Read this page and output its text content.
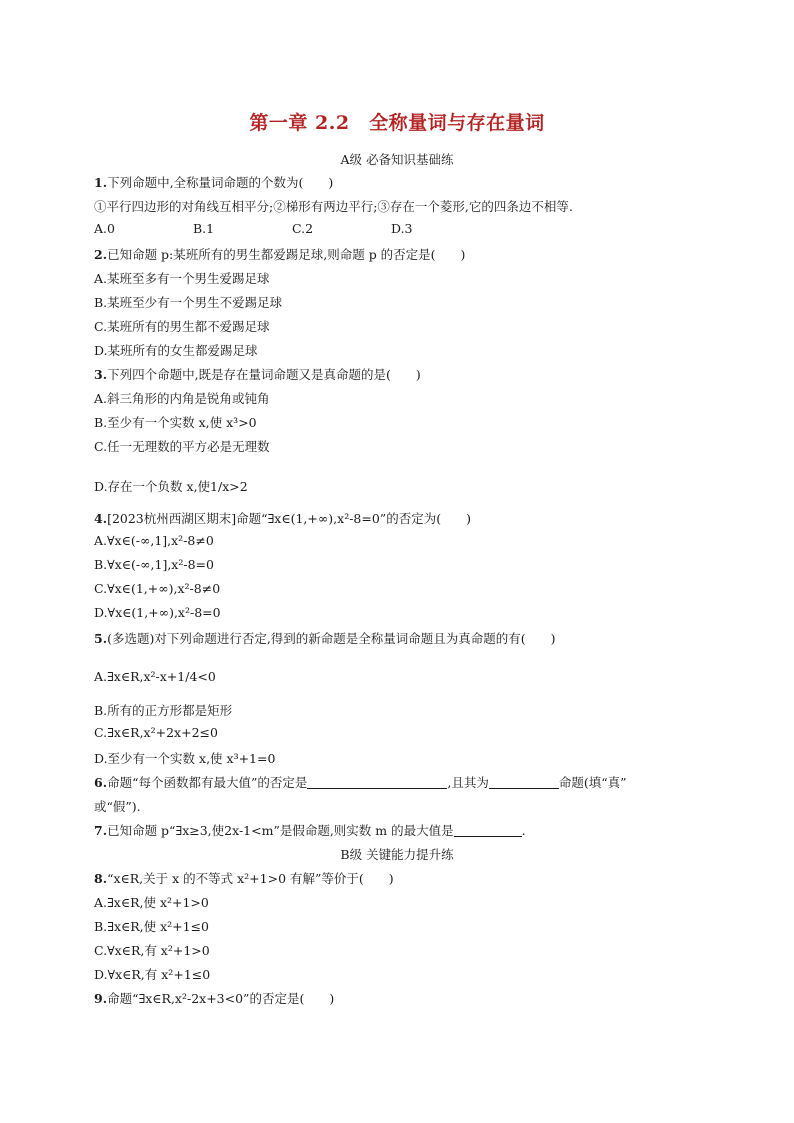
第一章 2.2　全称量词与存在量词
A级 必备知识基础练
1.下列命题中,全称量词命题的个数为(　　)
①平行四边形的对角线互相平分;②梯形有两边平行;③存在一个菱形,它的四条边不相等.
A.0	B.1	C.2	D.3
2.已知命题 p:某班所有的男生都爱踢足球,则命题 p 的否定是(　　)
A.某班至多有一个男生爱踢足球
B.某班至少有一个男生不爱踢足球
C.某班所有的男生都不爱踢足球
D.某班所有的女生都爱踢足球
3.下列四个命题中,既是存在量词命题又是真命题的是(　　)
A.斜三角形的内角是锐角或钝角
B.至少有一个实数 x,使 x³>0
C.任一无理数的平方必是无理数
D.存在一个负数 x,使1/x>2
4.[2023杭州西湖区期末]命题“∃x∈(1,+∞),x²-8=0”的否定为(　　)
A.∀x∈(-∞,1],x²-8≠0
B.∀x∈(-∞,1],x²-8=0
C.∀x∈(1,+∞),x²-8≠0
D.∀x∈(1,+∞),x²-8=0
5.(多选题)对下列命题进行否定,得到的新命题是全称量词命题且为真命题的有(　　)
A.∃x∈R,x²-x+1/4<0
B.所有的正方形都是矩形
C.∃x∈R,x²+2x+2≤0
D.至少有一个实数 x,使 x³+1=0
6.命题“每个函数都有最大值”的否定是	,且其为	命题(填“真”
或“假”).
7.已知命题 p“∃x≥3,使2x-1<m”是假命题,则实数 m 的最大值是	.
B级 关键能力提升练
8.“x∈R,关于 x 的不等式 x²+1>0 有解”等价于(　　)
A.∃x∈R,使 x²+1>0
B.∃x∈R,使 x²+1≤0
C.∀x∈R,有 x²+1>0
D.∀x∈R,有 x²+1≤0
9.命题“∃x∈R,x²-2x+3<0”的否定是(　　)
